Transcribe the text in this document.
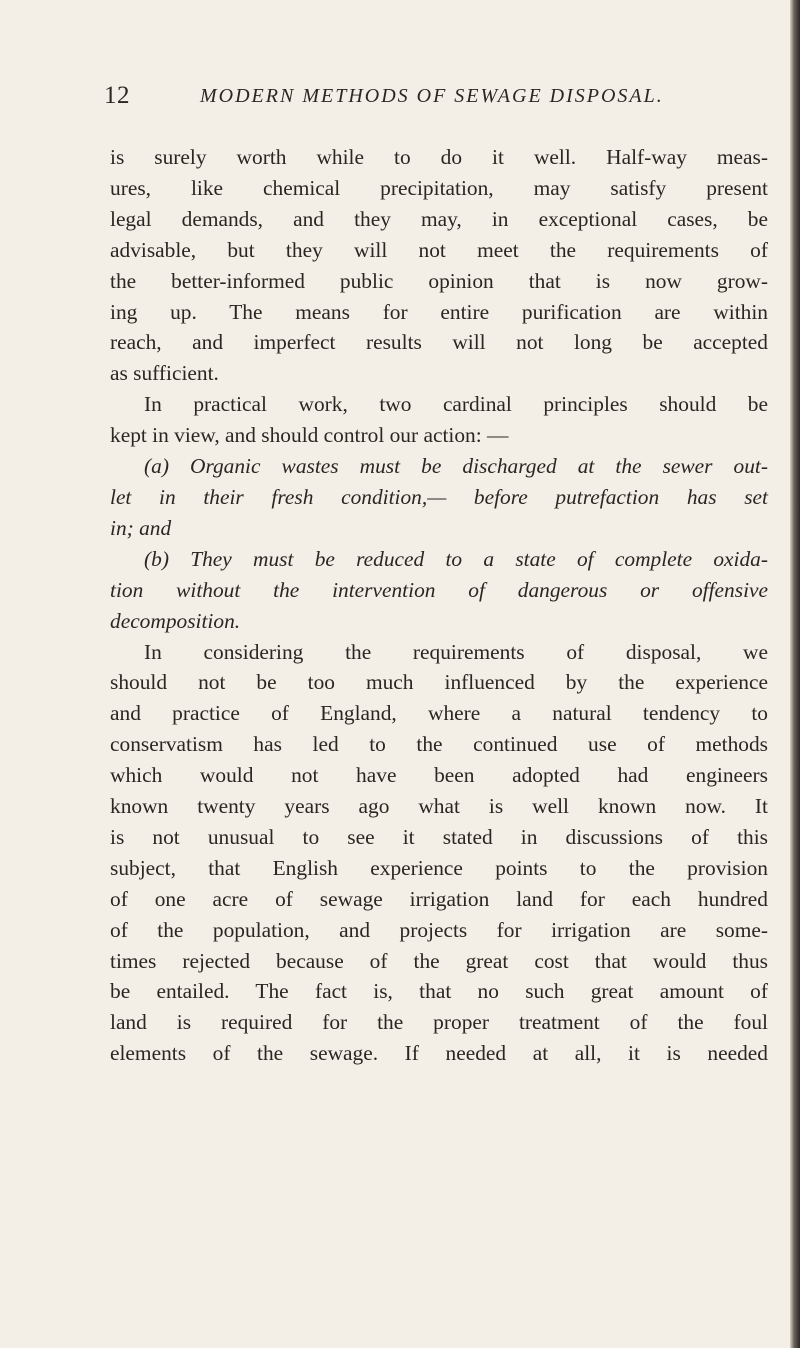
12	MODERN METHODS OF SEWAGE DISPOSAL.
is surely worth while to do it well. Half-way meas-
ures, like chemical precipitation, may satisfy present
legal demands, and they may, in exceptional cases, be
advisable, but they will not meet the requirements of
the better-informed public opinion that is now grow-
ing up. The means for entire purification are within
reach, and imperfect results will not long be accepted
as sufficient.
In practical work, two cardinal principles should be
kept in view, and should control our action: —
(a) Organic wastes must be discharged at the sewer out-
let in their fresh condition,— before putrefaction has set
in; and
(b) They must be reduced to a state of complete oxida-
tion without the intervention of dangerous or offensive
decomposition.
In considering the requirements of disposal, we
should not be too much influenced by the experience
and practice of England, where a natural tendency to
conservatism has led to the continued use of methods
which would not have been adopted had engineers
known twenty years ago what is well known now. It
is not unusual to see it stated in discussions of this
subject, that English experience points to the provision
of one acre of sewage irrigation land for each hundred
of the population, and projects for irrigation are some-
times rejected because of the great cost that would thus
be entailed. The fact is, that no such great amount of
land is required for the proper treatment of the foul
elements of the sewage. If needed at all, it is needed
